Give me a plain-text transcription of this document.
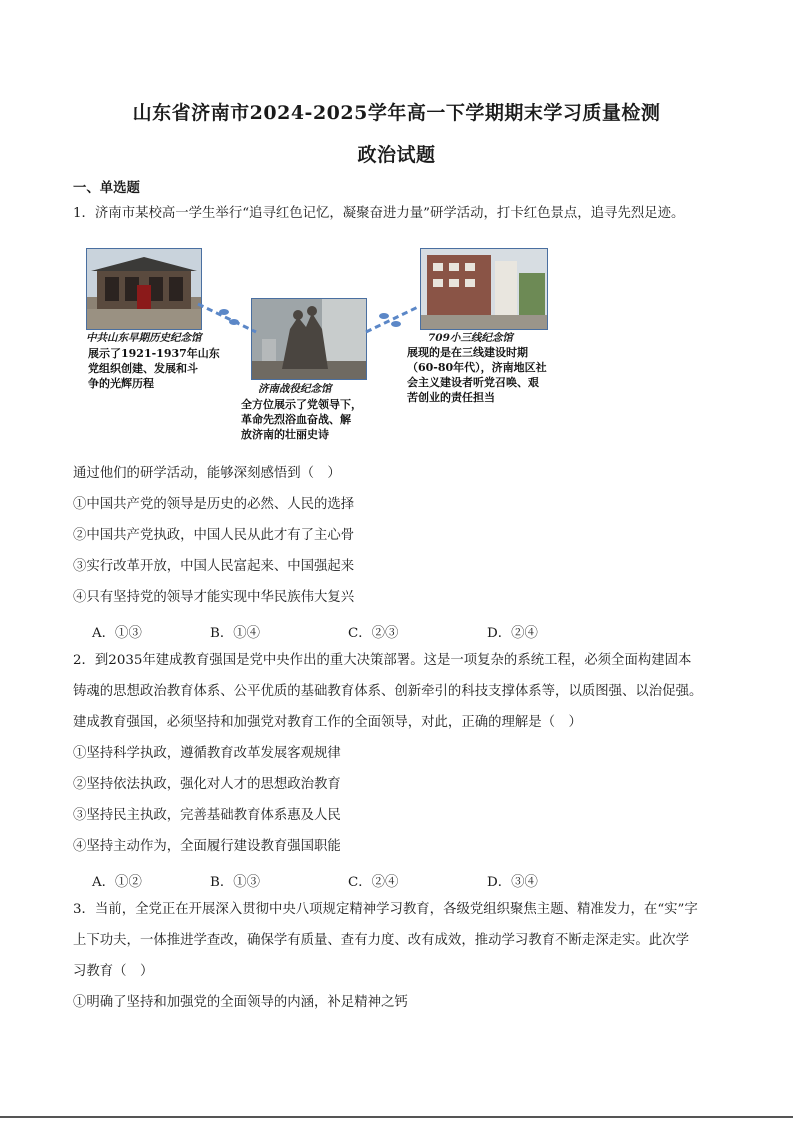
山东省济南市2024-2025学年高一下学期期末学习质量检测
政治试题
一、单选题
1．济南市某校高一学生举行“追寻红色记忆，凝聚奋进力量”研学活动，打卡红色景点，追寻先烈足迹。
中共山东早期历史纪念馆
展示了1921-1937年山东
党组织创建、发展和斗
争的光辉历程	济南战役纪念馆
全方位展示了党领导下，
革命先烈浴血奋战、解
放济南的壮丽史诗
709小三线纪念馆
展现的是在三线建设时期
（60-80年代），济南地区社
会主义建设者听党召唤、艰
苦创业的责任担当
通过他们的研学活动，能够深刻感悟到（　）
①中国共产党的领导是历史的必然、人民的选择
②中国共产党执政，中国人民从此才有了主心骨
③实行改革开放，中国人民富起来、中国强起来
④只有坚持党的领导才能实现中华民族伟大复兴
A．①③	B．①④	C．②③	D．②④
2．到2035年建成教育强国是党中央作出的重大决策部署。这是一项复杂的系统工程，必须全面构建固本
铸魂的思想政治教育体系、公平优质的基础教育体系、创新牵引的科技支撑体系等，以质图强、以治促强。
建成教育强国，必须坚持和加强党对教育工作的全面领导，对此，正确的理解是（　）
①坚持科学执政，遵循教育改革发展客观规律
②坚持依法执政，强化对人才的思想政治教育
③坚持民主执政，完善基础教育体系惠及人民
④坚持主动作为，全面履行建设教育强国职能
A．①②	B．①③	C．②④	D．③④
3．当前，全党正在开展深入贯彻中央八项规定精神学习教育，各级党组织聚焦主题、精准发力，在“实”字
上下功夫，一体推进学查改，确保学有质量、查有力度、改有成效，推动学习教育不断走深走实。此次学
习教育（　）
①明确了坚持和加强党的全面领导的内涵，补足精神之钙
